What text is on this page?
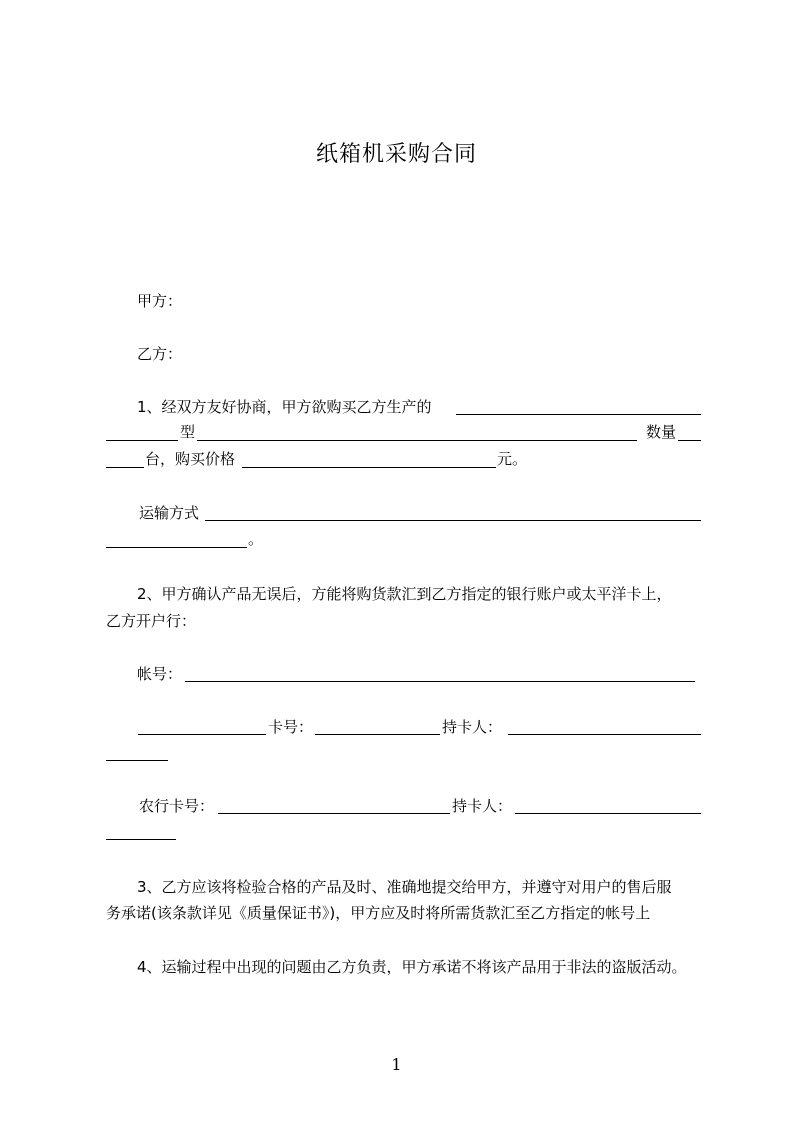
纸箱机采购合同
甲方：
乙方：
1、经双方友好协商，甲方欲购买乙方生产的
型	数量
台，购买价格	元。
运输方式
。
2、甲方确认产品无误后，方能将购货款汇到乙方指定的银行账户或太平洋卡上，
乙方开户行：
帐号：
卡号：	持卡人：
农行卡号：	持卡人：
3、乙方应该将检验合格的产品及时、准确地提交给甲方，并遵守对用户的售后服
务承诺(该条款详见《质量保证书》)，甲方应及时将所需货款汇至乙方指定的帐号上
4、运输过程中出现的问题由乙方负责，甲方承诺不将该产品用于非法的盗版活动。
1
